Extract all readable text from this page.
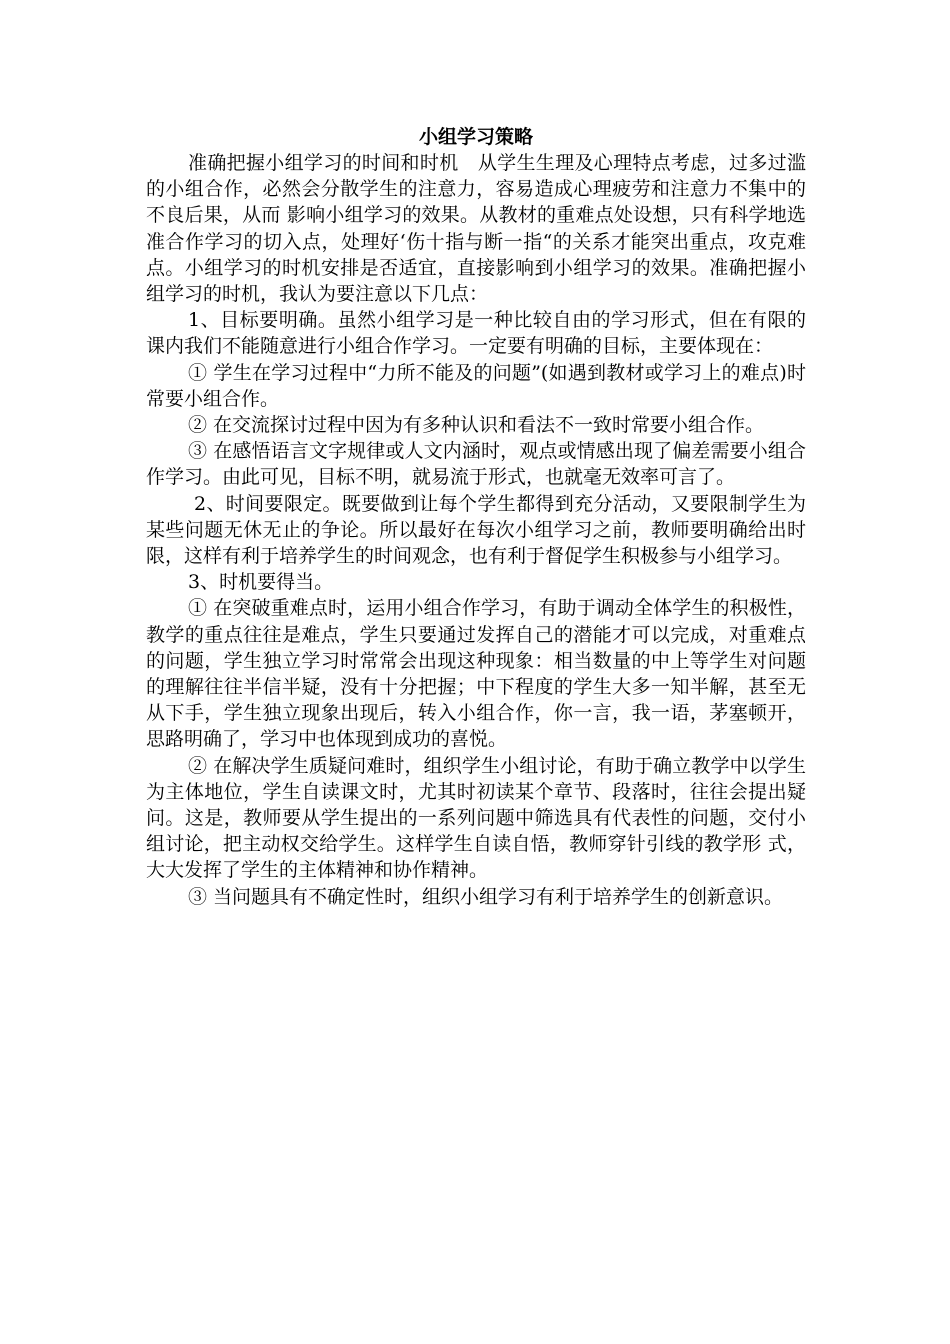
小组学习策略

准确把握小组学习的时间和时机　从学生生理及心理特点考虑，过多过滥的小组合作，必然会分散学生的注意力，容易造成心理疲劳和注意力不集中的不良后果，从而 影响小组学习的效果。从教材的重难点处设想，只有科学地选准合作学习的切入点，处理好‘伤十指与断一指“的关系才能突出重点，攻克难点。小组学习的时机安排是否适宜，直接影响到小组学习的效果。准确把握小组学习的时机，我认为要注意以下几点：

1、目标要明确。虽然小组学习是一种比较自由的学习形式，但在有限的课内我们不能随意进行小组合作学习。一定要有明确的目标，主要体现在：

① 学生在学习过程中“力所不能及的问题”(如遇到教材或学习上的难点)时常要小组合作。

② 在交流探讨过程中因为有多种认识和看法不一致时常要小组合作。

③ 在感悟语言文字规律或人文内涵时，观点或情感出现了偏差需要小组合作学习。由此可见，目标不明，就易流于形式，也就毫无效率可言了。

2、时间要限定。既要做到让每个学生都得到充分活动，又要限制学生为某些问题无休无止的争论。所以最好在每次小组学习之前，教师要明确给出时限，这样有利于培养学生的时间观念，也有利于督促学生积极参与小组学习。

3、时机要得当。

① 在突破重难点时，运用小组合作学习，有助于调动全体学生的积极性，教学的重点往往是难点，学生只要通过发挥自己的潜能才可以完成，对重难点的问题，学生独立学习时常常会出现这种现象：相当数量的中上等学生对问题的理解往往半信半疑，没有十分把握；中下程度的学生大多一知半解，甚至无从下手，学生独立现象出现后，转入小组合作，你一言，我一语，茅塞顿开，思路明确了，学习中也体现到成功的喜悦。

② 在解决学生质疑问难时，组织学生小组讨论，有助于确立教学中以学生为主体地位，学生自读课文时，尤其时初读某个章节、段落时，往往会提出疑问。这是，教师要从学生提出的一系列问题中筛选具有代表性的问题，交付小组讨论，把主动权交给学生。这样学生自读自悟，教师穿针引线的教学形 式，大大发挥了学生的主体精神和协作精神。

③ 当问题具有不确定性时，组织小组学习有利于培养学生的创新意识。
